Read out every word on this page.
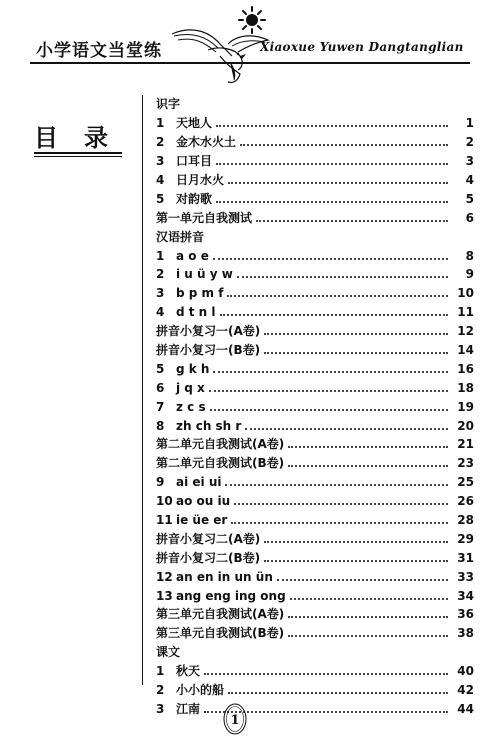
小学语文当堂练	Xiaoxue Yuwen Dangtanglian
目录
识字
1 天地人	1
2 金木水火土	2
3 口耳目	3
4 日月水火	4
5 对韵歌	5
第一单元自我测试	6
汉语拼音
1 a o e	8
2 i u ü y w	9
3 b p m f	10
4 d t n l	11
拼音小复习一(A卷)	12
拼音小复习一(B卷)	14
5 g k h	16
6 j q x	18
7 z c s	19
8 zh ch sh r	20
第二单元自我测试(A卷)	21
第二单元自我测试(B卷)	23
9 ai ei ui	25
10 ao ou iu	26
11 ie üe er	28
拼音小复习二(A卷)	29
拼音小复习二(B卷)	31
12 an en in un ün	33
13 ang eng ing ong	34
第三单元自我测试(A卷)	36
第三单元自我测试(B卷)	38
课文
1 秋天	40
2 小小的船	42
3 江南	44
1
